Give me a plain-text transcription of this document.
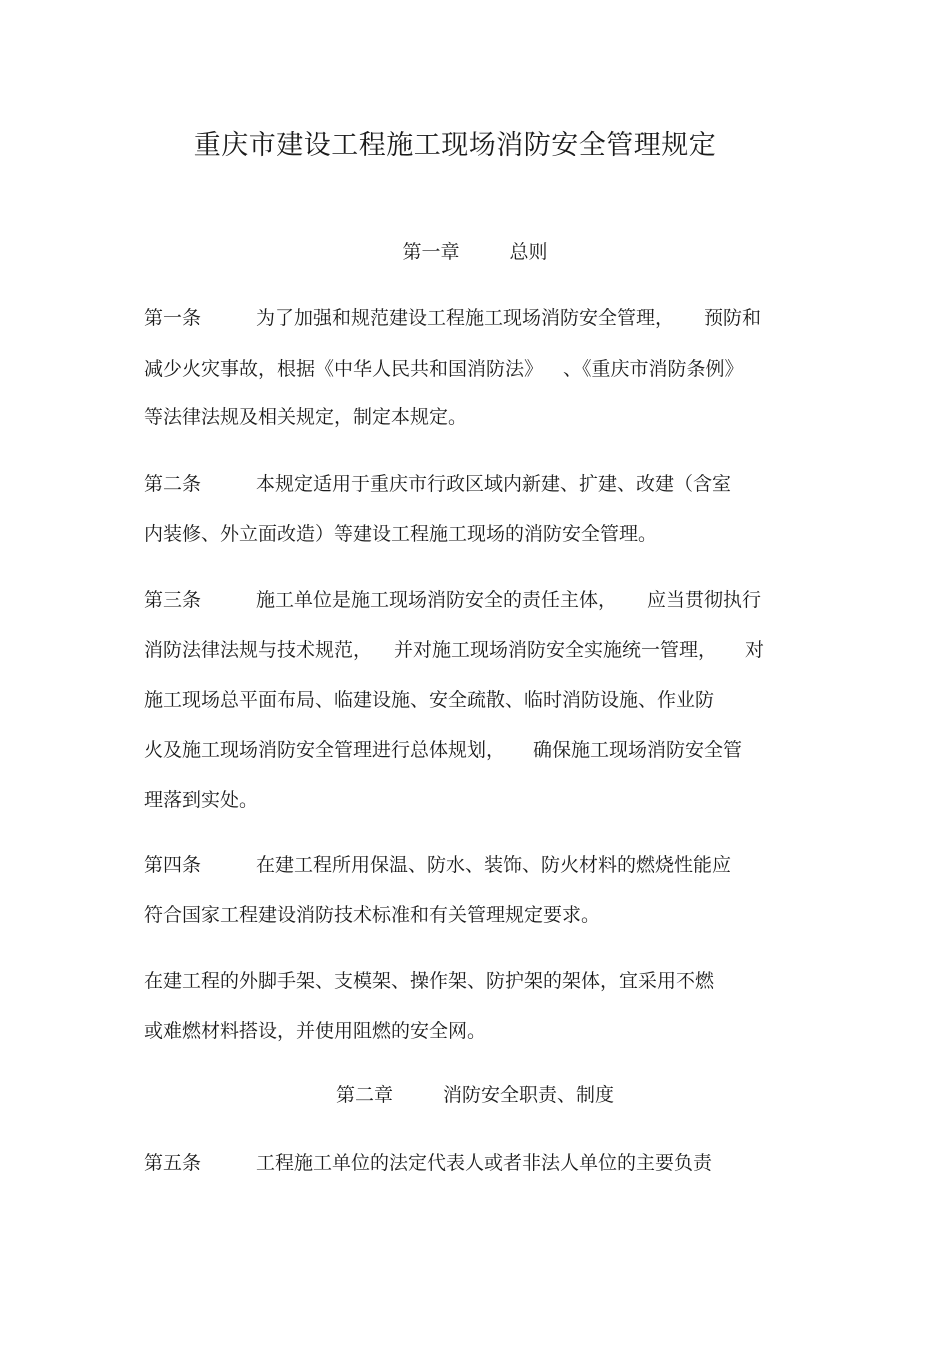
重庆市建设工程施工现场消防安全管理规定
第一章	总则
第一条	为了加强和规范建设工程施工现场消防安全管理， 预防和
减少火灾事故，根据《中华人民共和国消防法》 、《重庆市消防条例》
等法律法规及相关规定，制定本规定。
第二条	本规定适用于重庆市行政区域内新建、扩建、改建（含室
内装修、外立面改造）等建设工程施工现场的消防安全管理。
第三条	施工单位是施工现场消防安全的责任主体， 应当贯彻执行
消防法律法规与技术规范， 并对施工现场消防安全实施统一管理， 对
施工现场总平面布局、临建设施、安全疏散、临时消防设施、作业防
火及施工现场消防安全管理进行总体规划， 确保施工现场消防安全管
理落到实处。
第四条	在建工程所用保温、防水、装饰、防火材料的燃烧性能应
符合国家工程建设消防技术标准和有关管理规定要求。
在建工程的外脚手架、支模架、操作架、防护架的架体，宜采用不燃
或难燃材料搭设，并使用阻燃的安全网。
第二章	消防安全职责、制度
第五条	工程施工单位的法定代表人或者非法人单位的主要负责
